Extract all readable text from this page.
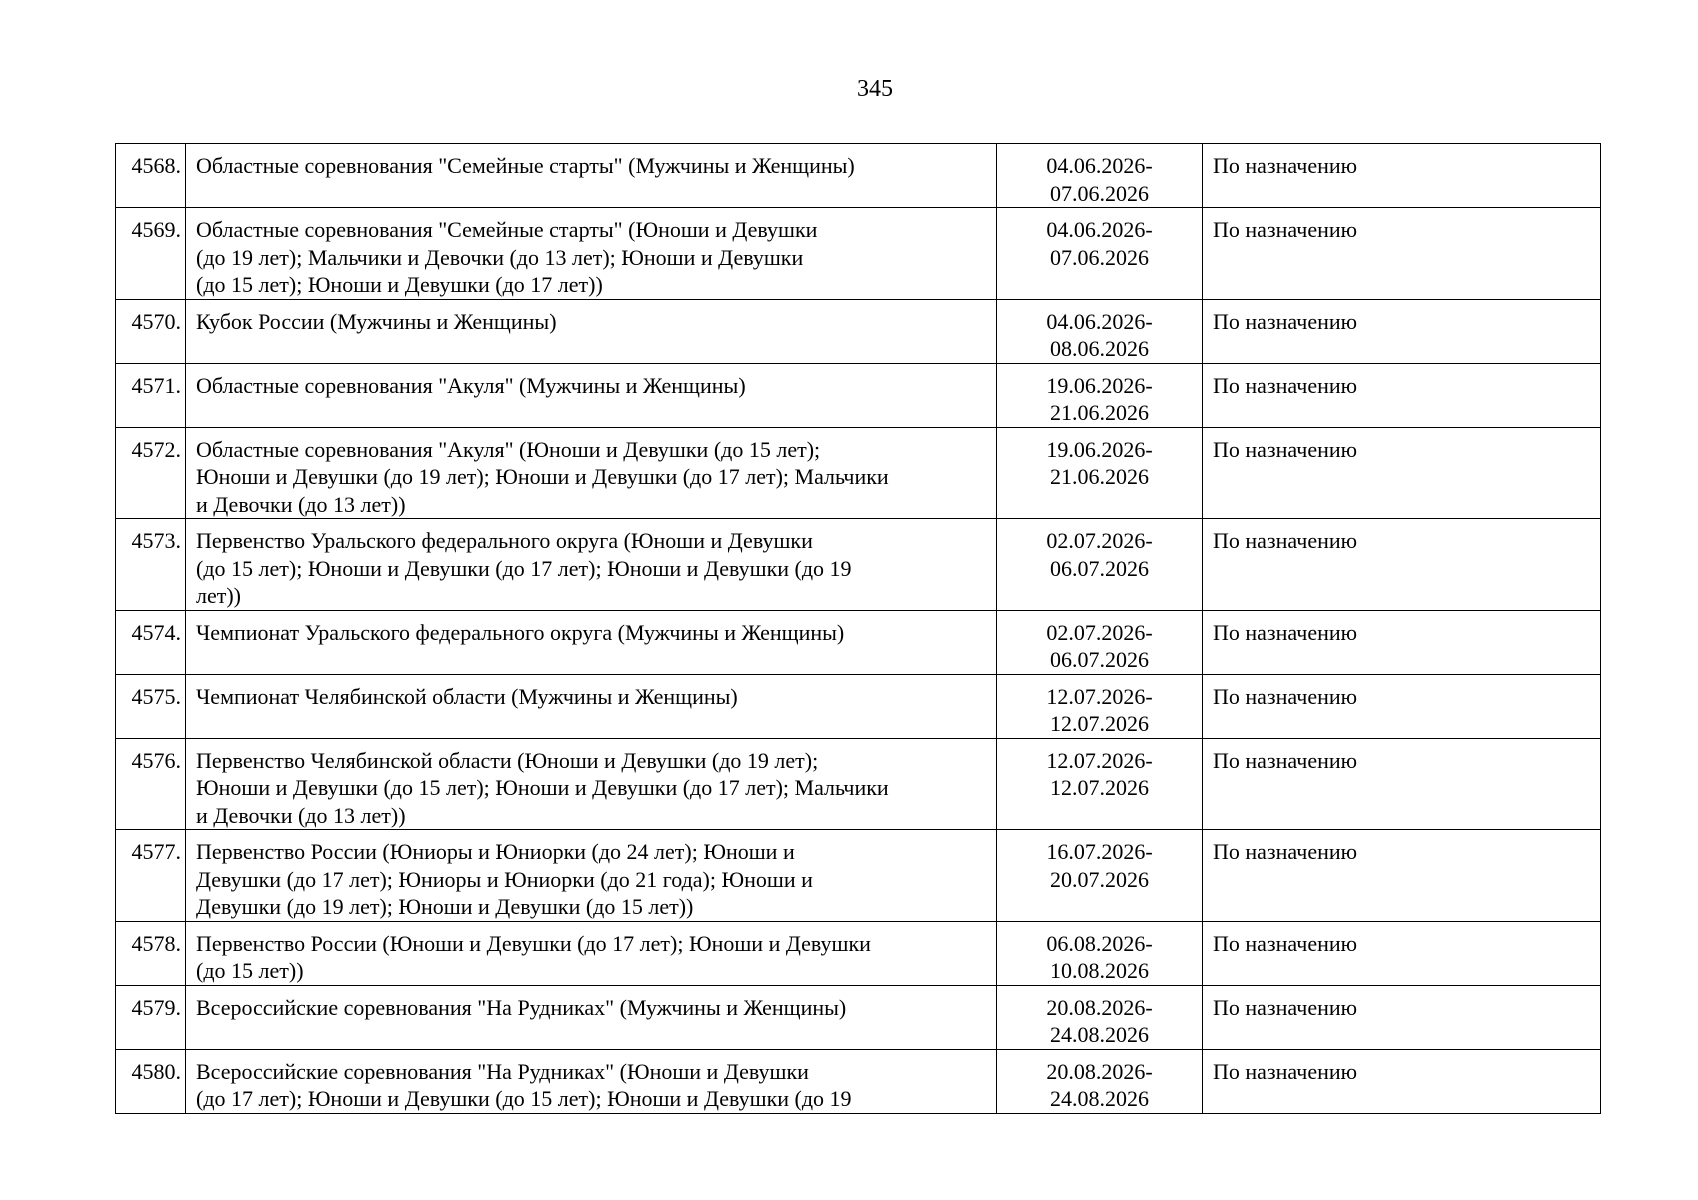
345
4568.	Областные соревнования "Семейные старты" (Мужчины и Женщины)	04.06.2026-
07.06.2026	По назначению
4569.	Областные соревнования "Семейные старты" (Юноши и Девушки
(до 19 лет); Мальчики и Девочки (до 13 лет); Юноши и Девушки
(до 15 лет); Юноши и Девушки (до 17 лет))	04.06.2026-
07.06.2026	По назначению
4570.	Кубок России (Мужчины и Женщины)	04.06.2026-
08.06.2026	По назначению
4571.	Областные соревнования "Акуля" (Мужчины и Женщины)	19.06.2026-
21.06.2026	По назначению
4572.	Областные соревнования "Акуля" (Юноши и Девушки (до 15 лет);
Юноши и Девушки (до 19 лет); Юноши и Девушки (до 17 лет); Мальчики
и Девочки (до 13 лет))	19.06.2026-
21.06.2026	По назначению
4573.	Первенство Уральского федерального округа (Юноши и Девушки
(до 15 лет); Юноши и Девушки (до 17 лет); Юноши и Девушки (до 19
лет))	02.07.2026-
06.07.2026	По назначению
4574.	Чемпионат Уральского федерального округа (Мужчины и Женщины)	02.07.2026-
06.07.2026	По назначению
4575.	Чемпионат Челябинской области (Мужчины и Женщины)	12.07.2026-
12.07.2026	По назначению
4576.	Первенство Челябинской области (Юноши и Девушки (до 19 лет);
Юноши и Девушки (до 15 лет); Юноши и Девушки (до 17 лет); Мальчики
и Девочки (до 13 лет))	12.07.2026-
12.07.2026	По назначению
4577.	Первенство России (Юниоры и Юниорки (до 24 лет); Юноши и
Девушки (до 17 лет); Юниоры и Юниорки (до 21 года); Юноши и
Девушки (до 19 лет); Юноши и Девушки (до 15 лет))	16.07.2026-
20.07.2026	По назначению
4578.	Первенство России (Юноши и Девушки (до 17 лет); Юноши и Девушки
(до 15 лет))	06.08.2026-
10.08.2026	По назначению
4579.	Всероссийские соревнования "На Рудниках" (Мужчины и Женщины)	20.08.2026-
24.08.2026	По назначению
4580.	Всероссийские соревнования "На Рудниках" (Юноши и Девушки
(до 17 лет); Юноши и Девушки (до 15 лет); Юноши и Девушки (до 19	20.08.2026-
24.08.2026	По назначению
